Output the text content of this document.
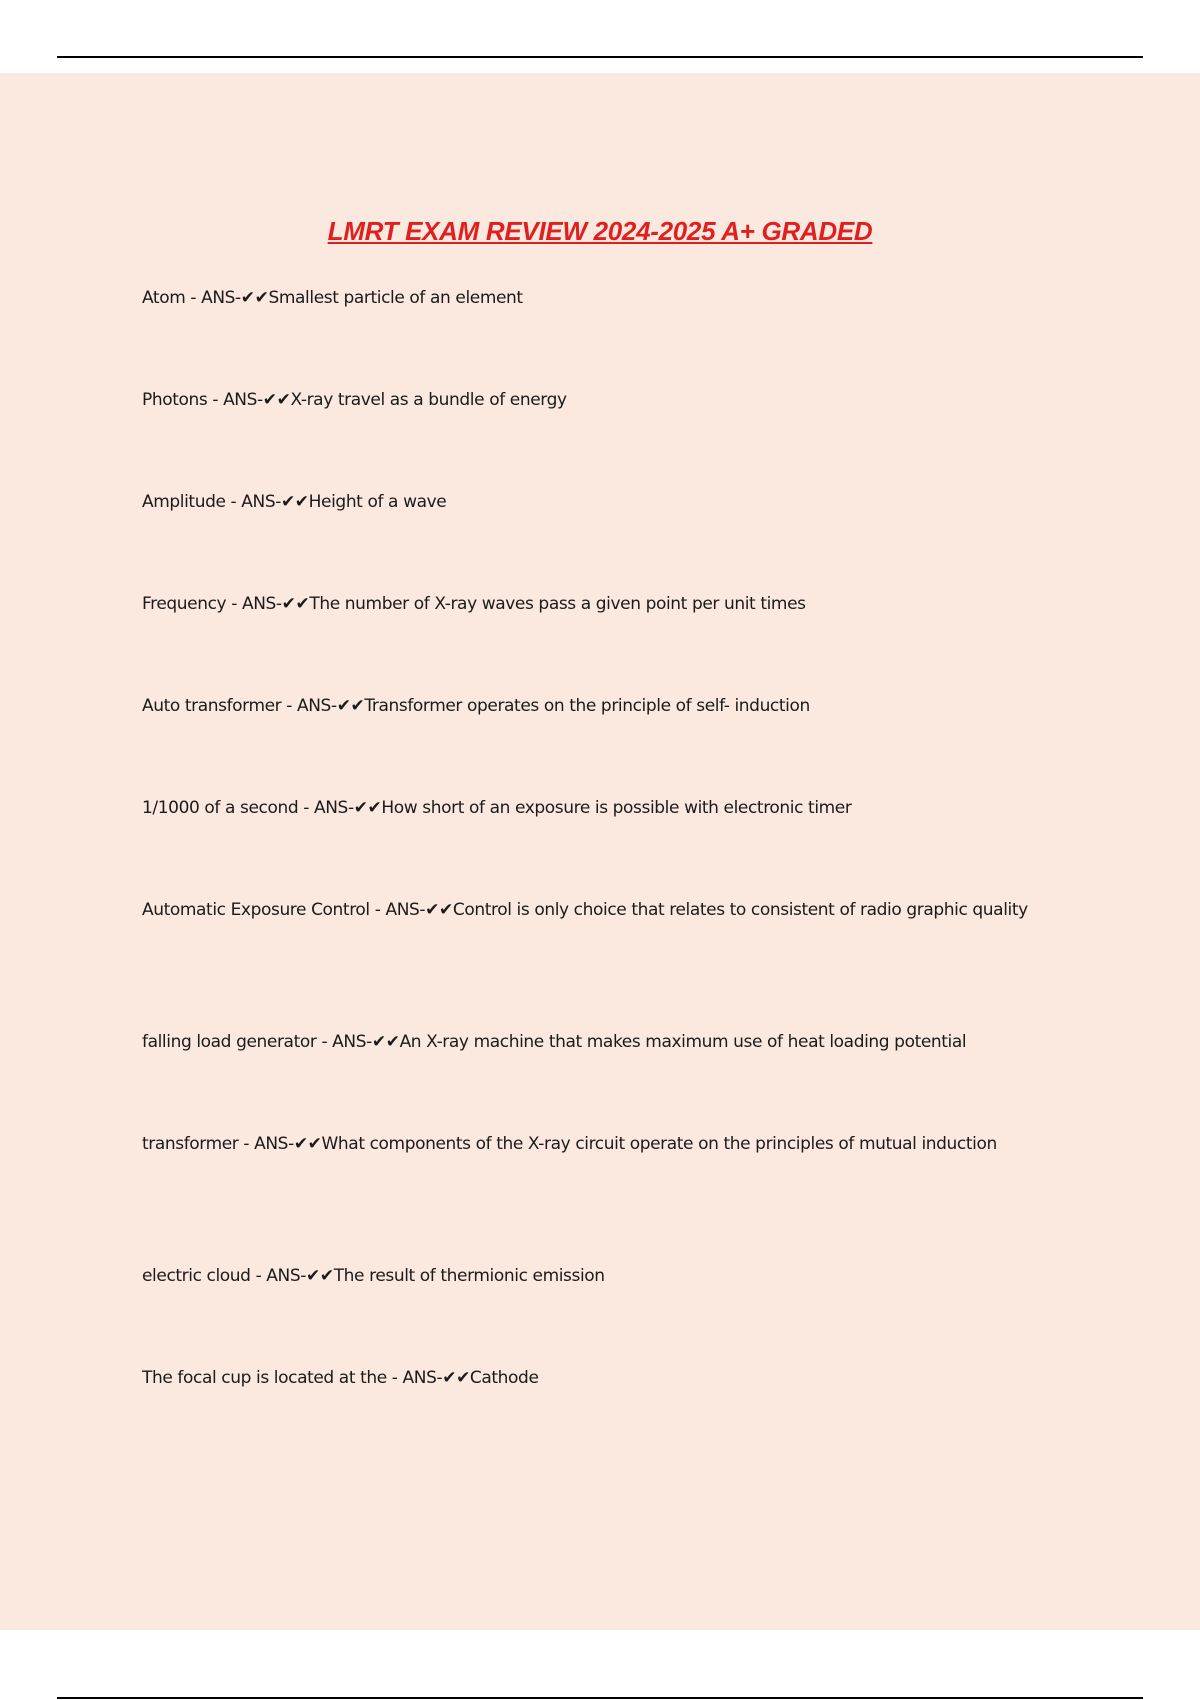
LMRT EXAM REVIEW 2024-2025 A+ GRADED
Atom - ANS-✔✔Smallest particle of an element
Photons - ANS-✔✔X-ray travel as a bundle of energy
Amplitude - ANS-✔✔Height of a wave
Frequency - ANS-✔✔The number of X-ray waves pass a given point per unit times
Auto transformer - ANS-✔✔Transformer operates on the principle of self- induction
1/1000 of a second - ANS-✔✔How short of an exposure is possible with electronic timer
Automatic Exposure Control - ANS-✔✔Control is only choice that relates to consistent of radio graphic quality
falling load generator - ANS-✔✔An X-ray machine that makes maximum use of heat loading potential
transformer - ANS-✔✔What components of the X-ray circuit operate on the principles of mutual induction
electric cloud - ANS-✔✔The result of thermionic emission
The focal cup is located at the - ANS-✔✔Cathode
